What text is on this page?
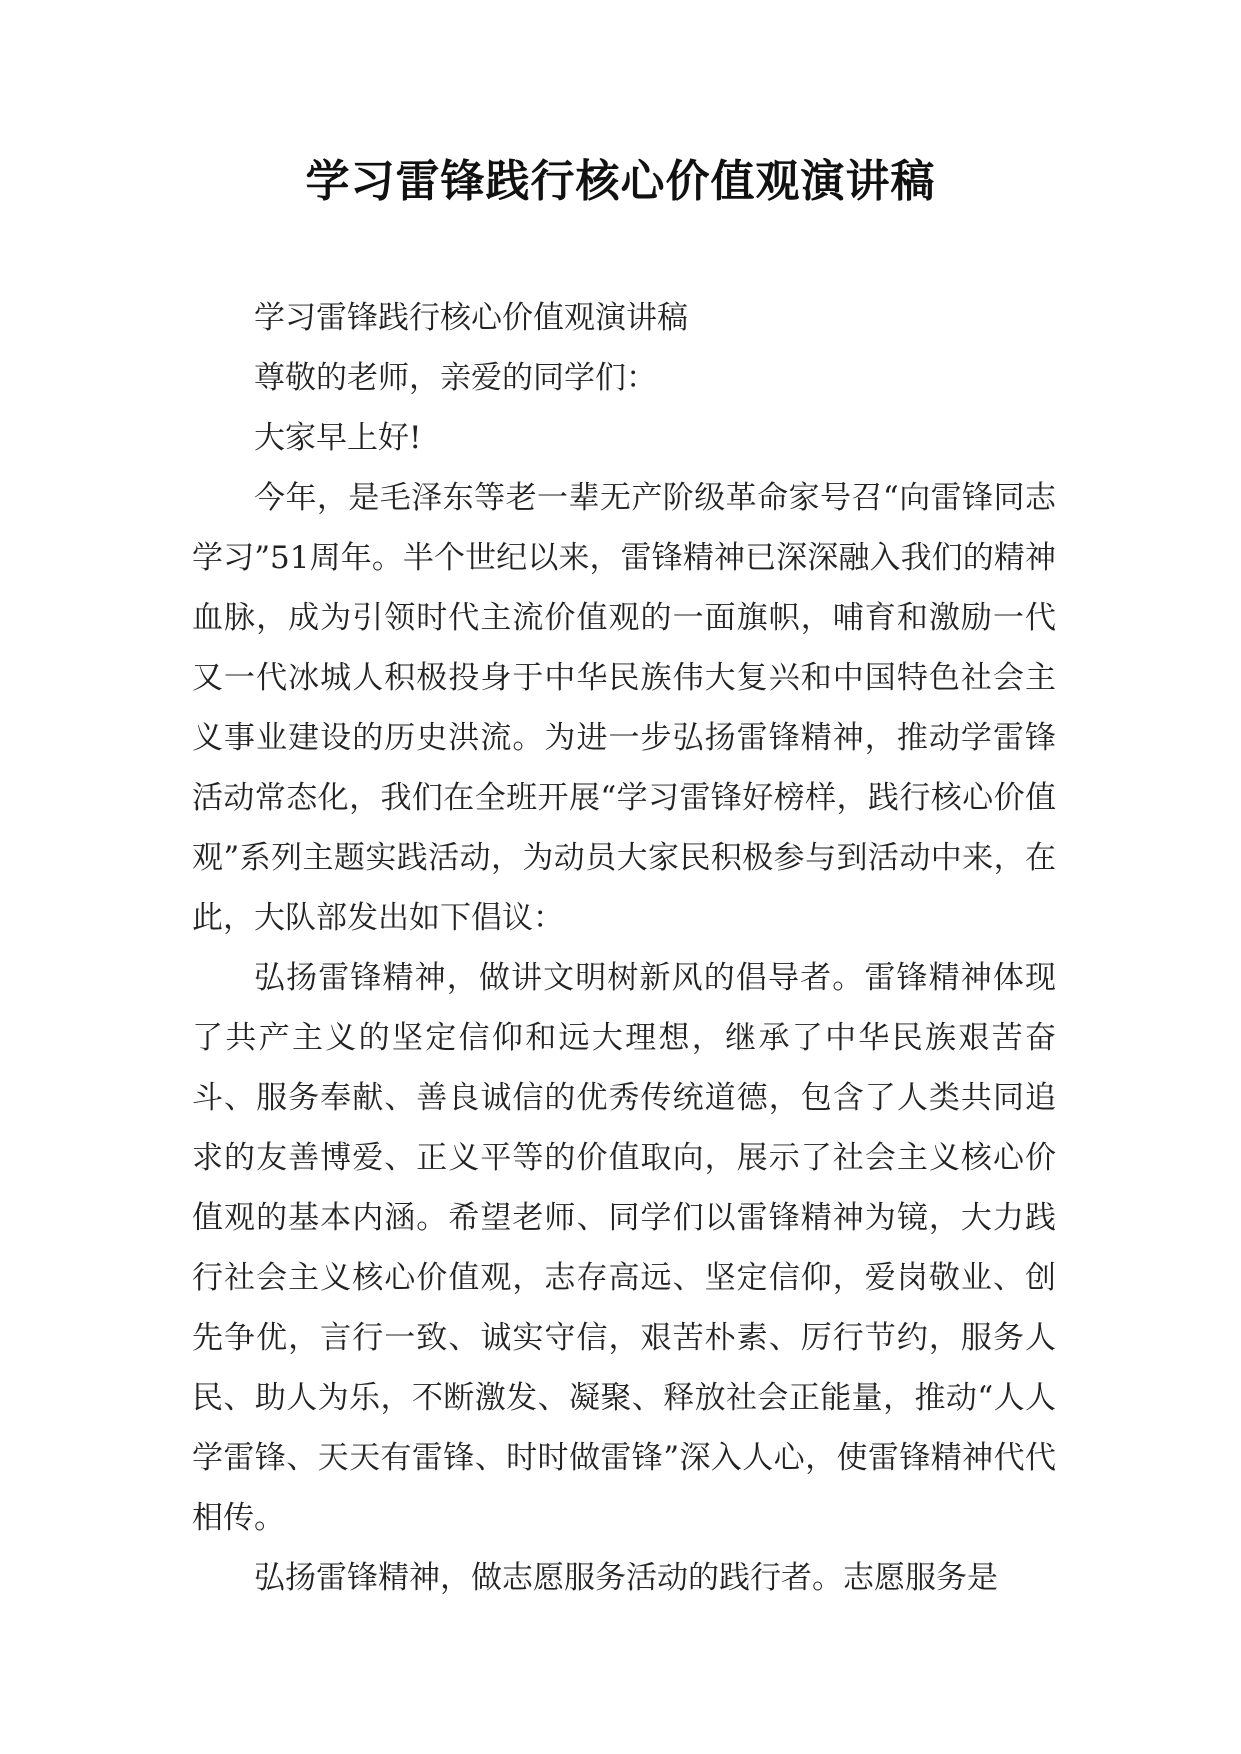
学习雷锋践行核心价值观演讲稿

学习雷锋践行核心价值观演讲稿

尊敬的老师，亲爱的同学们：

大家早上好!

今年，是毛泽东等老一辈无产阶级革命家号召“向雷锋同志学习”51周年。半个世纪以来，雷锋精神已深深融入我们的精神血脉，成为引领时代主流价值观的一面旗帜，哺育和激励一代又一代冰城人积极投身于中华民族伟大复兴和中国特色社会主义事业建设的历史洪流。为进一步弘扬雷锋精神，推动学雷锋活动常态化，我们在全班开展“学习雷锋好榜样，践行核心价值观”系列主题实践活动，为动员大家民积极参与到活动中来，在此，大队部发出如下倡议：

弘扬雷锋精神，做讲文明树新风的倡导者。雷锋精神体现了共产主义的坚定信仰和远大理想，继承了中华民族艰苦奋斗、服务奉献、善良诚信的优秀传统道德，包含了人类共同追求的友善博爱、正义平等的价值取向，展示了社会主义核心价值观的基本内涵。希望老师、同学们以雷锋精神为镜，大力践行社会主义核心价值观，志存高远、坚定信仰，爱岗敬业、创先争优，言行一致、诚实守信，艰苦朴素、厉行节约，服务人民、助人为乐，不断激发、凝聚、释放社会正能量，推动“人人学雷锋、天天有雷锋、时时做雷锋”深入人心，使雷锋精神代代相传。

弘扬雷锋精神，做志愿服务活动的践行者。志愿服务是
